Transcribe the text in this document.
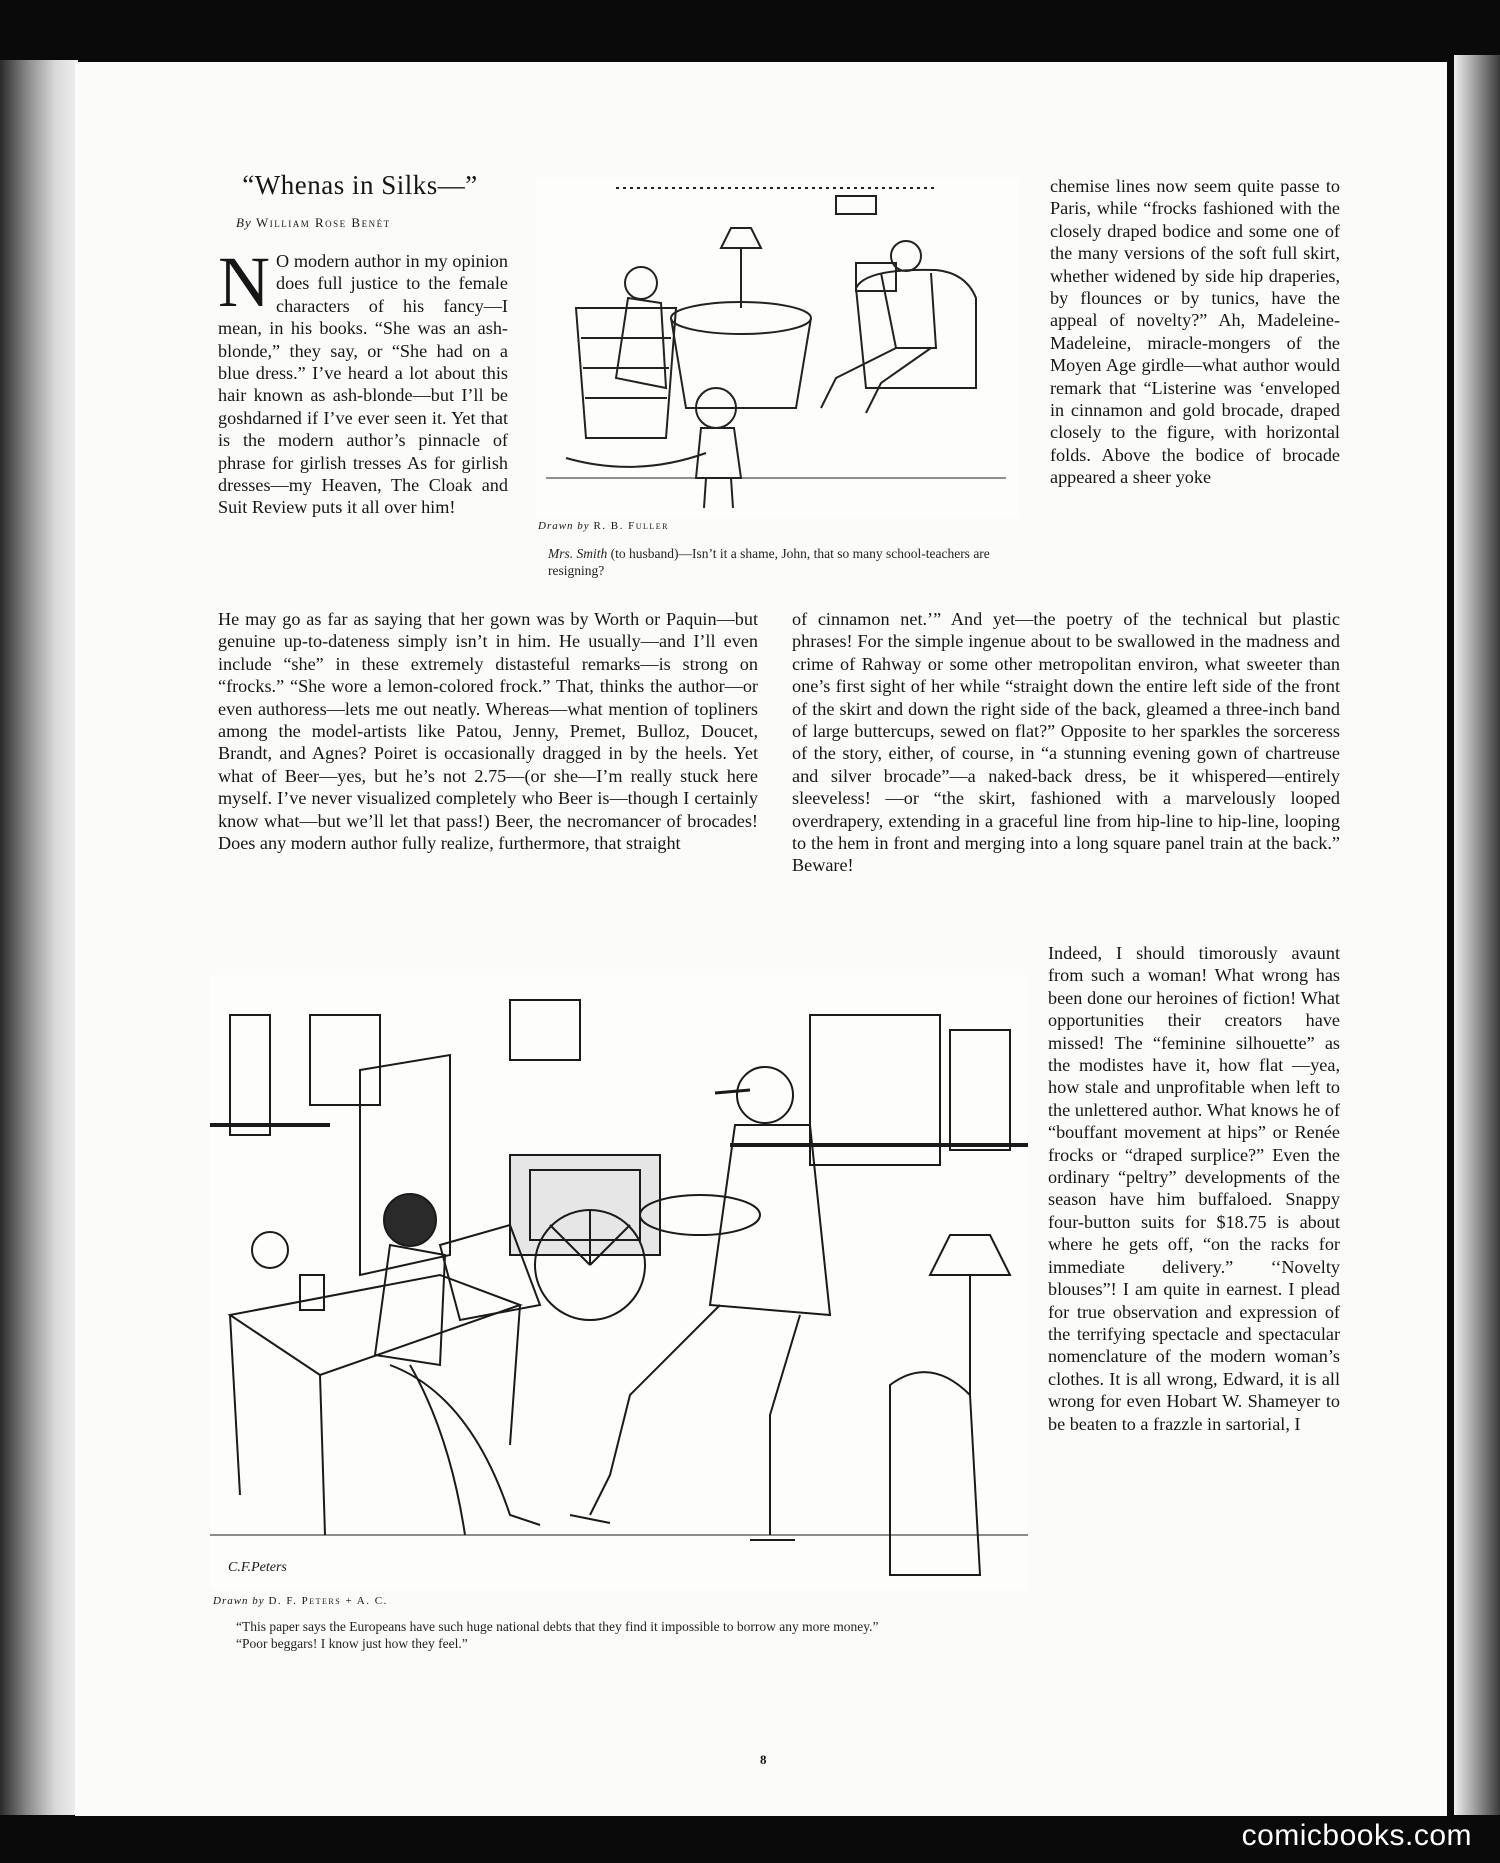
“Whenas in Silks—”
By William Rose Benét

N O modern author in my opinion does full justice to the female characters of his fancy—I mean, in his books. “She was an ash-blonde,” they say, or “She had on a blue dress.” I’ve heard a lot about this hair known as ash-blonde—but I’ll be goshdarned if I’ve ever seen it. Yet that is the modern author’s pinnacle of phrase for girlish tresses As for girlish dresses—my Heaven, The Cloak and Suit Review puts it all over him!

He may go as far as saying that her gown was by Worth or Paquin—but genuine up-to-dateness simply isn’t in him. He usually—and I’ll even include “she” in these extremely distasteful remarks—is strong on “frocks.” “She wore a lemon-colored frock.” That, thinks the author—or even authoress—lets me out neatly. Whereas—what mention of topliners among the model-artists like Patou, Jenny, Premet, Bulloz, Doucet, Brandt, and Agnes? Poiret is occasionally dragged in by the heels. Yet what of Beer—yes, but he’s not 2.75—(or she—I’m really stuck here myself. I’ve never visualized completely who Beer is—though I certainly know what—but we’ll let that pass!) Beer, the necromancer of brocades! Does any modern author fully realize, furthermore, that straight

chemise lines now seem quite passe to Paris, while “frocks fashioned with the closely draped bodice and some one of the many versions of the soft full skirt, whether widened by side hip draperies, by flounces or by tunics, have the appeal of novelty?” Ah, Madeleine-Madeleine, miracle-mongers of the Moyen Age girdle—what author would remark that “Listerine was ‘enveloped in cinnamon and gold brocade, draped closely to the figure, with horizontal folds. Above the bodice of brocade appeared a sheer yoke

of cinnamon net.’” And yet—the poetry of the technical but plastic phrases! For the simple ingenue about to be swallowed in the madness and crime of Rahway or some other metropolitan environ, what sweeter than one’s first sight of her while “straight down the entire left side of the front of the skirt and down the right side of the back, gleamed a three-inch band of large buttercups, sewed on flat?” Opposite to her sparkles the sorceress of the story, either, of course, in “a stunning evening gown of chartreuse and silver brocade”—a naked-back dress, be it whispered—entirely sleeveless! —or “the skirt, fashioned with a marvelously looped overdrapery, extending in a graceful line from hip-line to hip-line, looping to the hem in front and merging into a long square panel train at the back.” Beware!

Indeed, I should timorously avaunt from such a woman! What wrong has been done our heroines of fiction! What opportunities their creators have missed! The “feminine silhouette” as the modistes have it, how flat —yea, how stale and unprofitable when left to the unlettered author. What knows he of “bouffant movement at hips” or Renée frocks or “draped surplice?” Even the ordinary “peltry” developments of the season have him buffaloed. Snappy four-button suits for $18.75 is about where he gets off, “on the racks for immediate delivery.” ‘‘Novelty blouses”! I am quite in earnest. I plead for true observation and expression of the terrifying spectacle and spectacular nomenclature of the modern woman’s clothes. It is all wrong, Edward, it is all wrong for even Hobart W. Shameyer to be beaten to a frazzle in sartorial, I

Drawn by R. B. Fuller
Mrs. Smith (to husband)—Isn’t it a shame, John, that so many school-teachers are resigning?
C.F.Peters
Drawn by D. F. Peters + A. C.
“This paper says the Europeans have such huge national debts that they find it impossible to borrow any more money.”
“Poor beggars! I know just how they feel.”
8
comicbooks.com
